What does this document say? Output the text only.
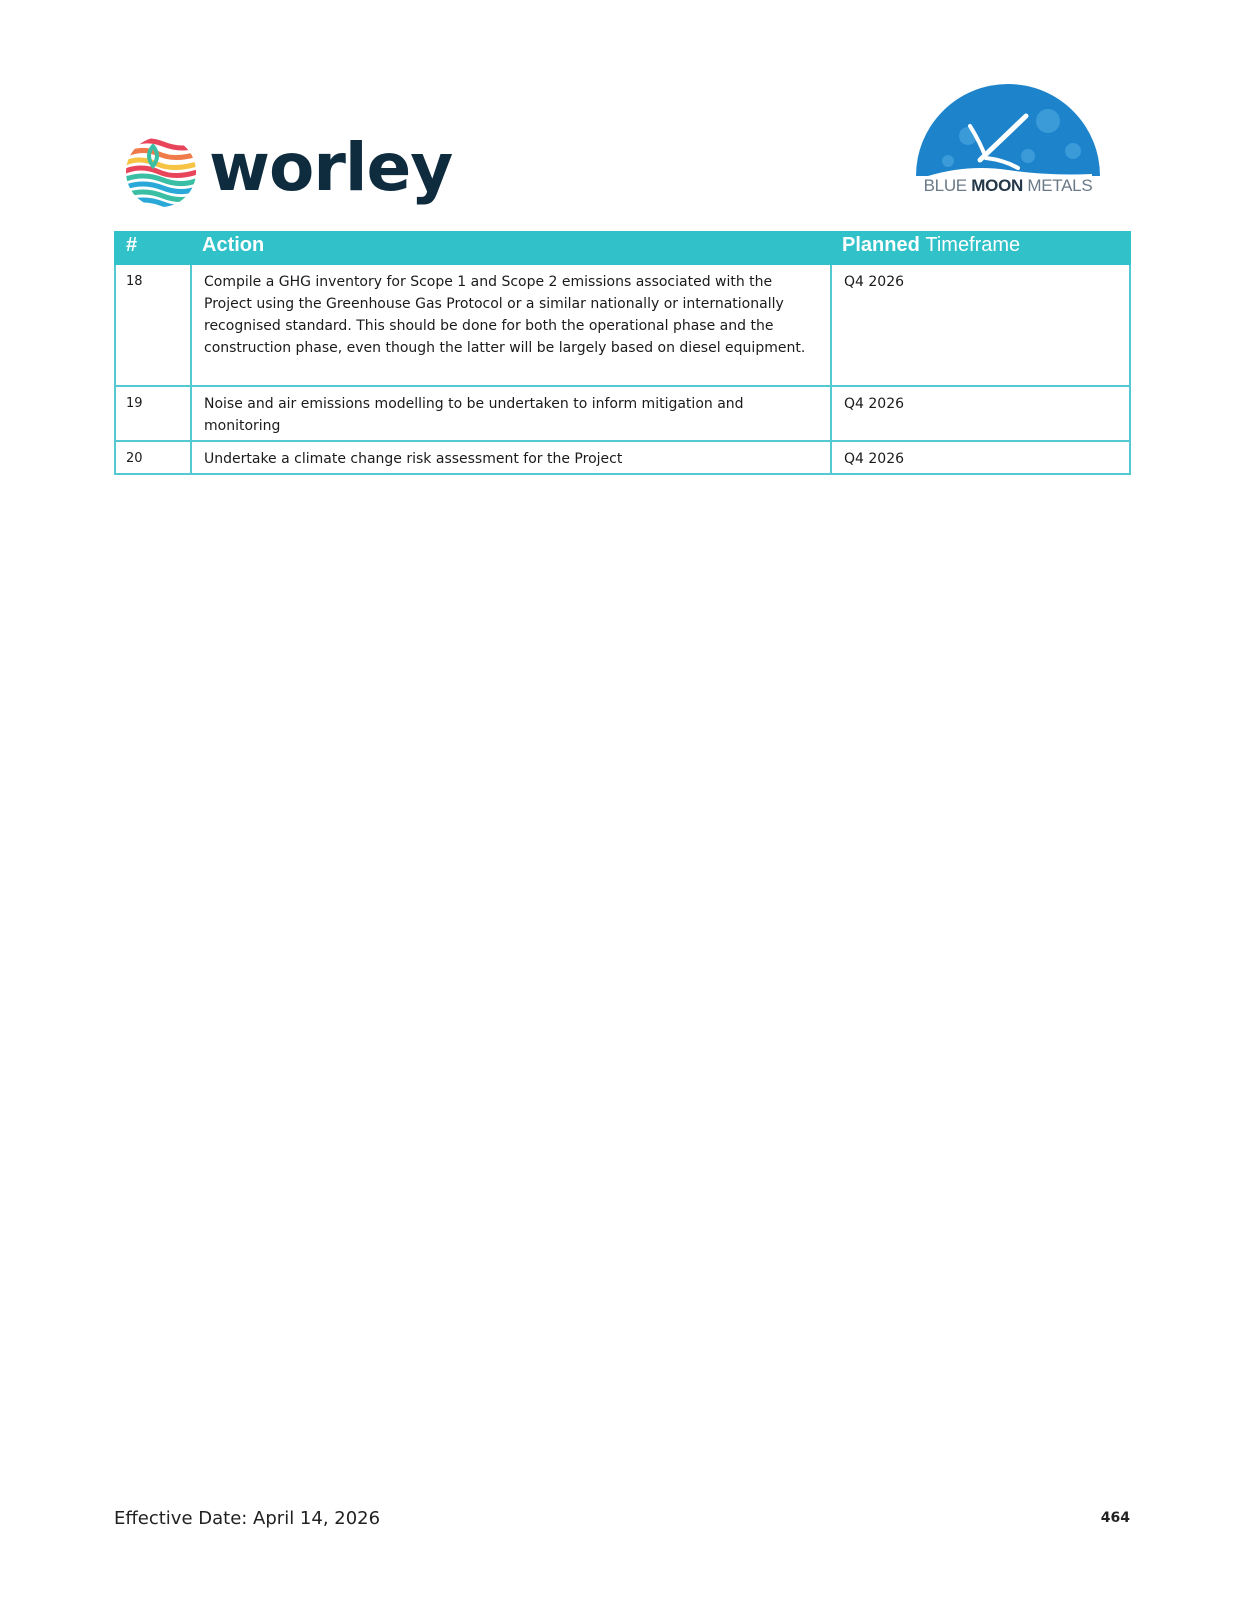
worley	BLUE MOON METALS
#	Action	Planned Timeframe
18	Compile a GHG inventory for Scope 1 and Scope 2 emissions associated with the Project using the Greenhouse Gas Protocol or a similar nationally or internationally recognised standard. This should be done for both the operational phase and the construction phase, even though the latter will be largely based on diesel equipment.	Q4 2026
19	Noise and air emissions modelling to be undertaken to inform mitigation and monitoring	Q4 2026
20	Undertake a climate change risk assessment for the Project	Q4 2026
Effective Date: April 14, 2026	464
